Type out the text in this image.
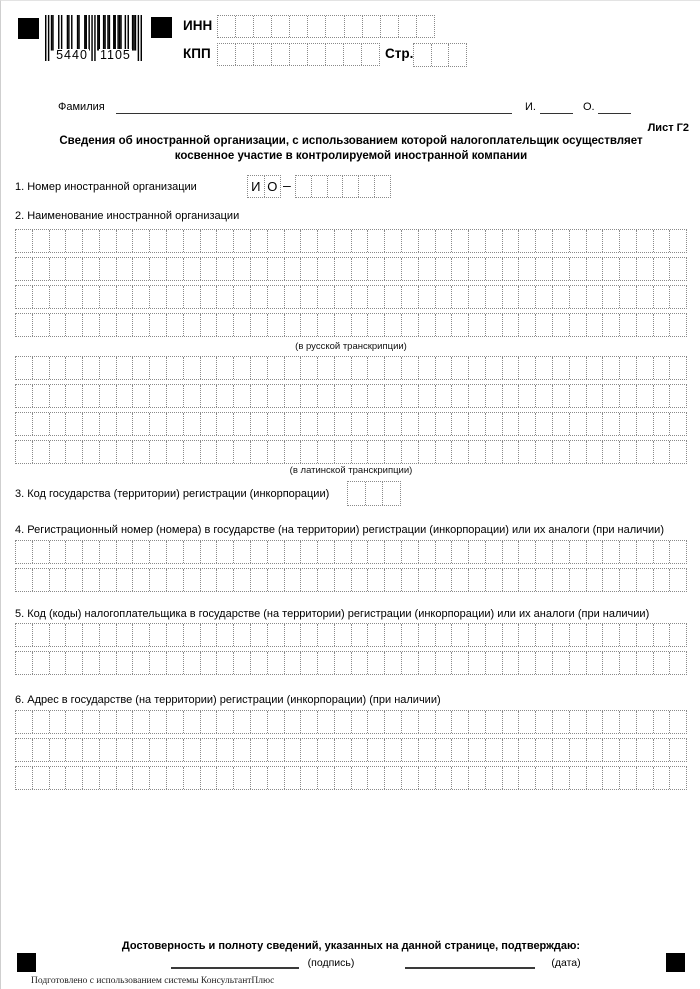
5440 1105
ИНН
КПП	Стр.
Фамилия	И.	О.
Лист Г2
Сведения об иностранной организации, с использованием которой налогоплательщик осуществляет
косвенное участие в контролируемой иностранной компании
1. Номер иностранной организации	И О –
2. Наименование иностранной организации
(в русской транскрипции)
(в латинской транскрипции)
3. Код государства (территории) регистрации (инкорпорации)
4. Регистрационный номер (номера) в государстве (на территории) регистрации (инкорпорации) или их аналоги (при наличии)
5. Код (коды) налогоплательщика в государстве (на территории) регистрации (инкорпорации) или их аналоги (при наличии)
6. Адрес в государстве (на территории) регистрации (инкорпорации) (при наличии)
Достоверность и полноту сведений, указанных на данной странице, подтверждаю:
(подпись)	(дата)
Подготовлено с использованием системы КонсультантПлюс
